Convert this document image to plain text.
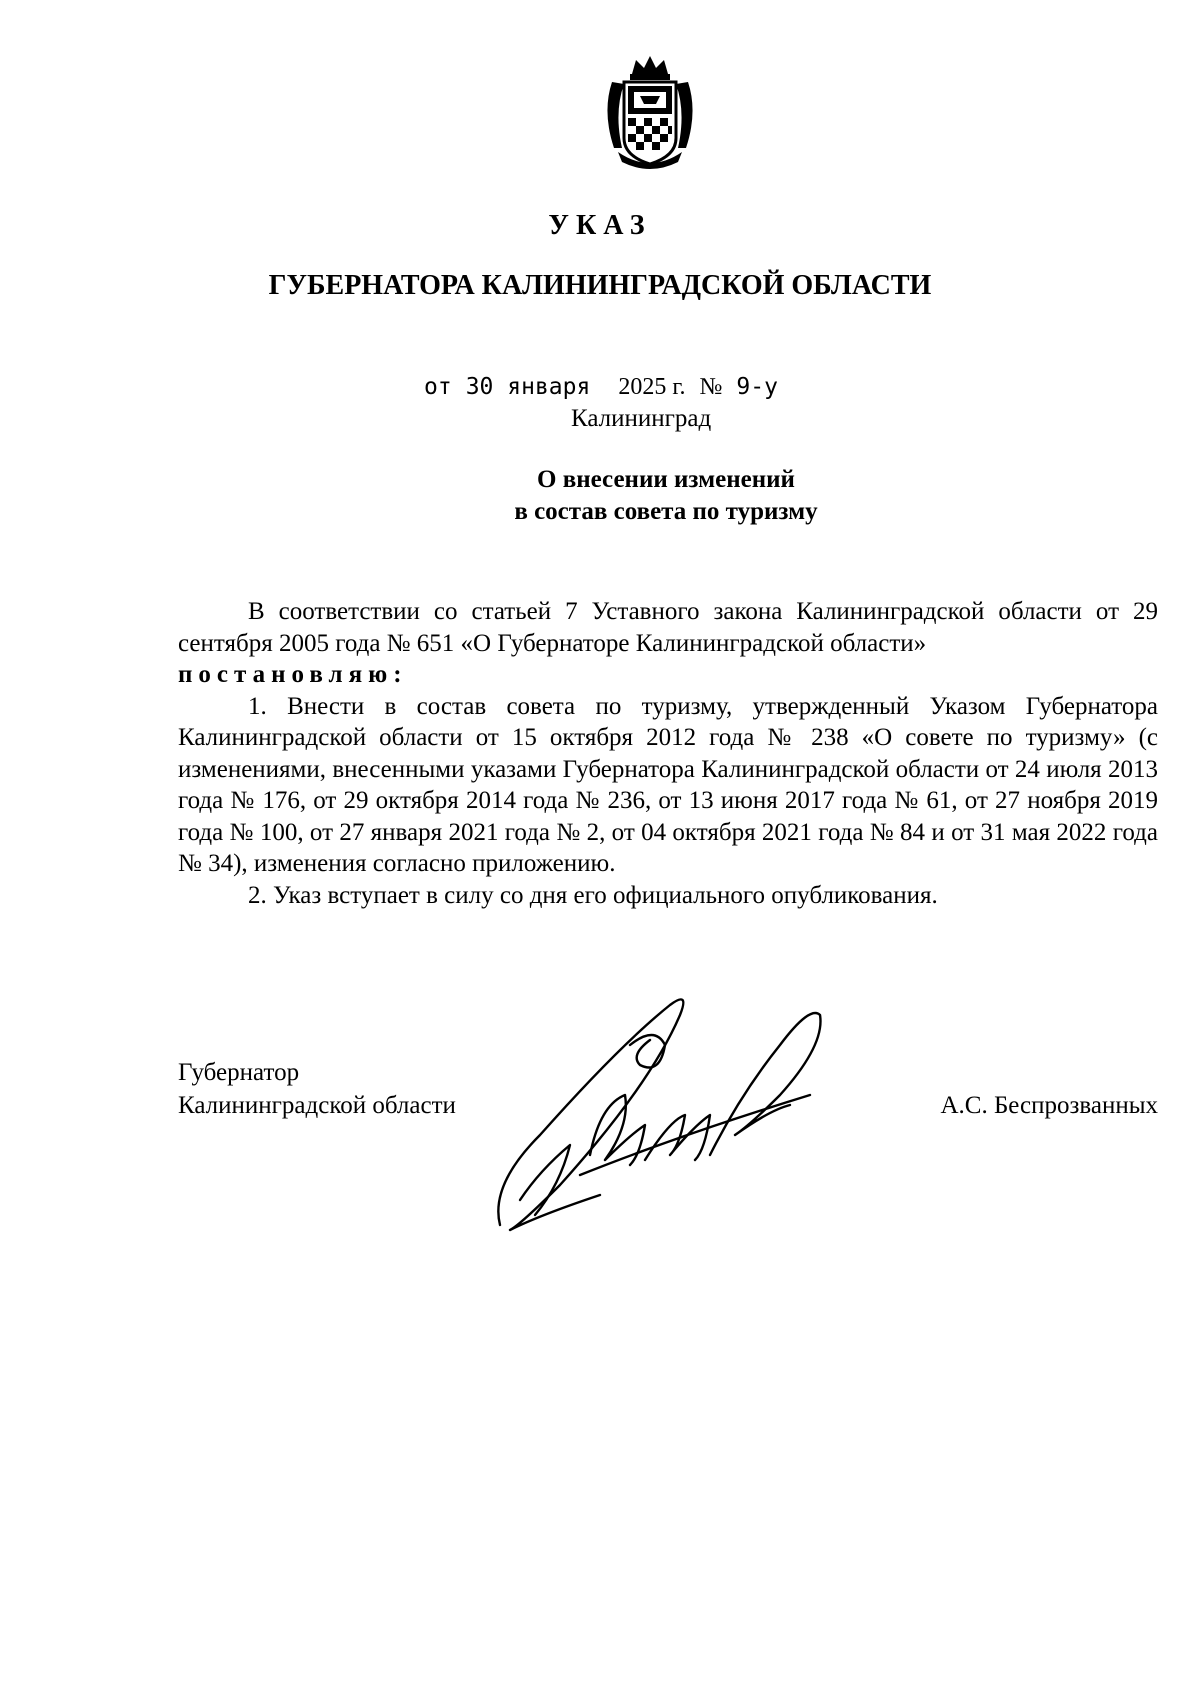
УКАЗ
ГУБЕРНАТОРА КАЛИНИНГРАДСКОЙ ОБЛАСТИ
от 30 января 2025 г. № 9-у
Калининград
О внесении изменений
в состав совета по туризму

В соответствии со статьей 7 Уставного закона Калининградской области от 29 сентября 2005 года № 651 «О Губернаторе Калининградской области»

постановляю:

1. Внести в состав совета по туризму, утвержденный Указом Губернатора Калининградской области от 15 октября 2012 года № 238 «О совете по туризму» (с изменениями, внесенными указами Губернатора Калининградской области от 24 июля 2013 года № 176, от 29 октября 2014 года № 236, от 13 июня 2017 года № 61, от 27 ноября 2019 года № 100, от 27 января 2021 года № 2, от 04 октября 2021 года № 84 и от 31 мая 2022 года № 34), изменения согласно приложению.

2. Указ вступает в силу со дня его официального опубликования.

Губернатор
Калининградской области	А.С. Беспрозванных
